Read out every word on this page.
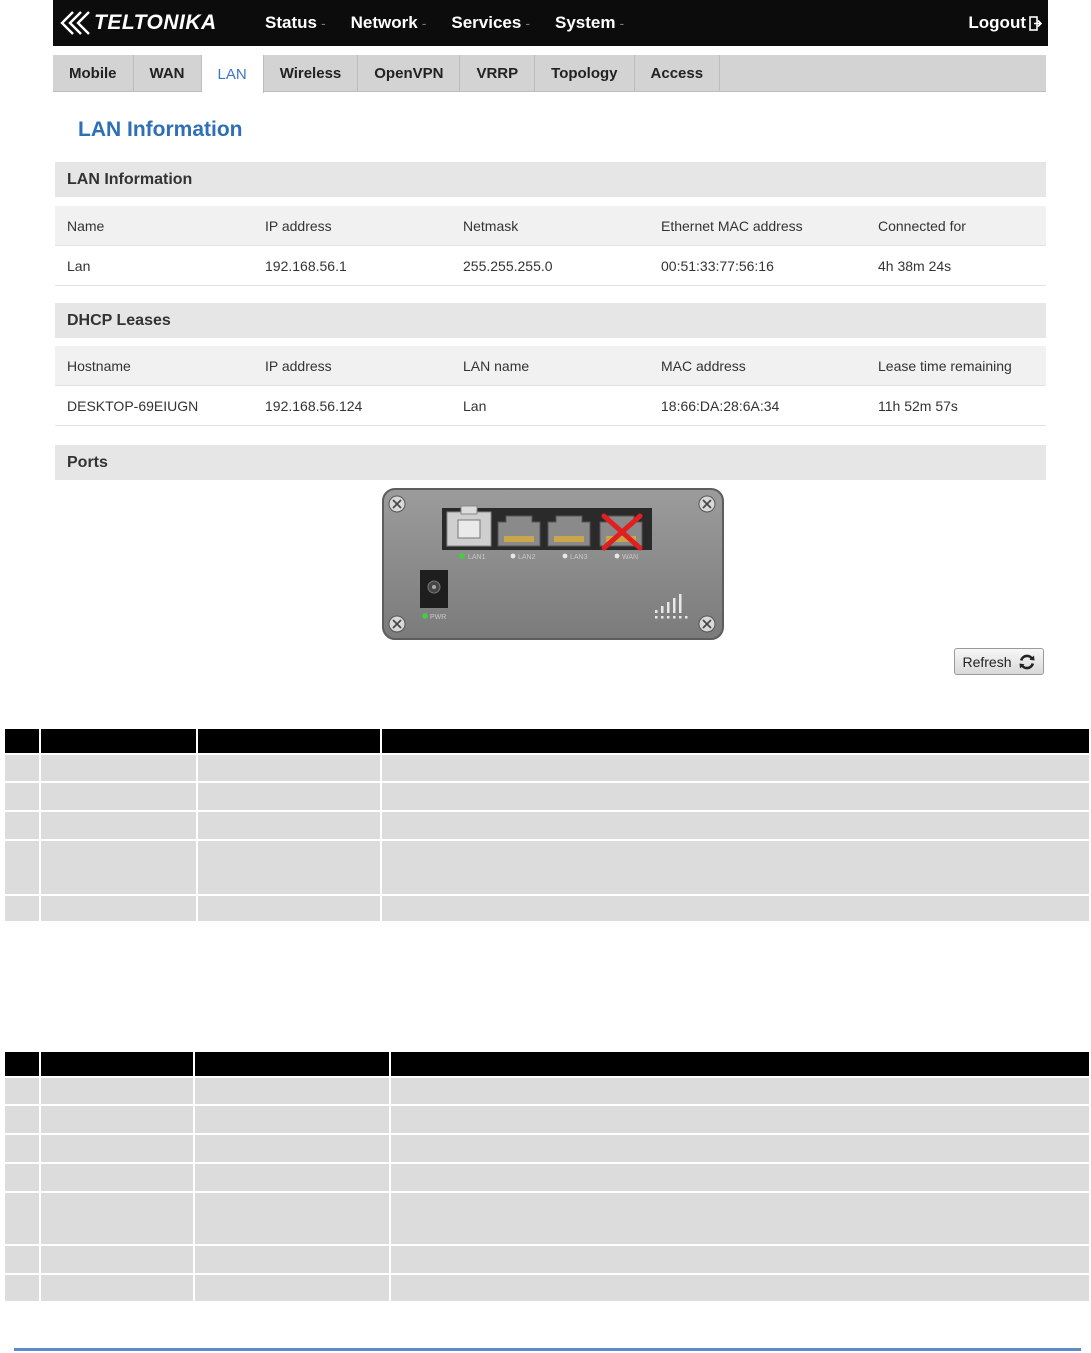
TELTONIKA	Status - Network - Services - System -	Logout
Mobile	WAN	LAN	Wireless	OpenVPN	VRRP	Topology	Access
LAN Information
LAN Information
Name	IP address	Netmask	Ethernet MAC address	Connected for
Lan	192.168.56.1	255.255.255.0	00:51:33:77:56:16	4h 38m 24s
DHCP Leases
Hostname	IP address	LAN name	MAC address	Lease time remaining
DESKTOP-69EIUGN	192.168.56.124	Lan	18:66:DA:28:6A:34	11h 52m 57s
Ports
LAN1	LAN2	LAN3	WAN
PWR
Refresh
